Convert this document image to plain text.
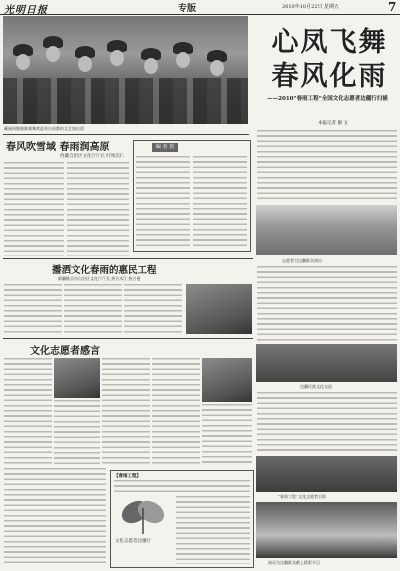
光明日报	专版	2010年10月22日 星期五	7
藏族同胞载歌载舞欢迎来自首都的文艺演出团
心凤飞舞
春风化雨
——2010“春雨工程”全国文化志愿者边疆行扫描
本报记者 谢 文
春风吹雪域 春雨润高原
西藏自治区文化厅厅长 旺堆次仁
编 者 按
志愿者为边疆群众演出
播洒文化春雨的惠民工程
新疆维吾尔自治区文化厅厅长 热合木江·热合曼
边疆民族文化交流
文化志愿者感言
“春雨工程”文化志愿者合影
【春雨工程】
文化志愿者边疆行
演员为边疆群众献上精彩节目
